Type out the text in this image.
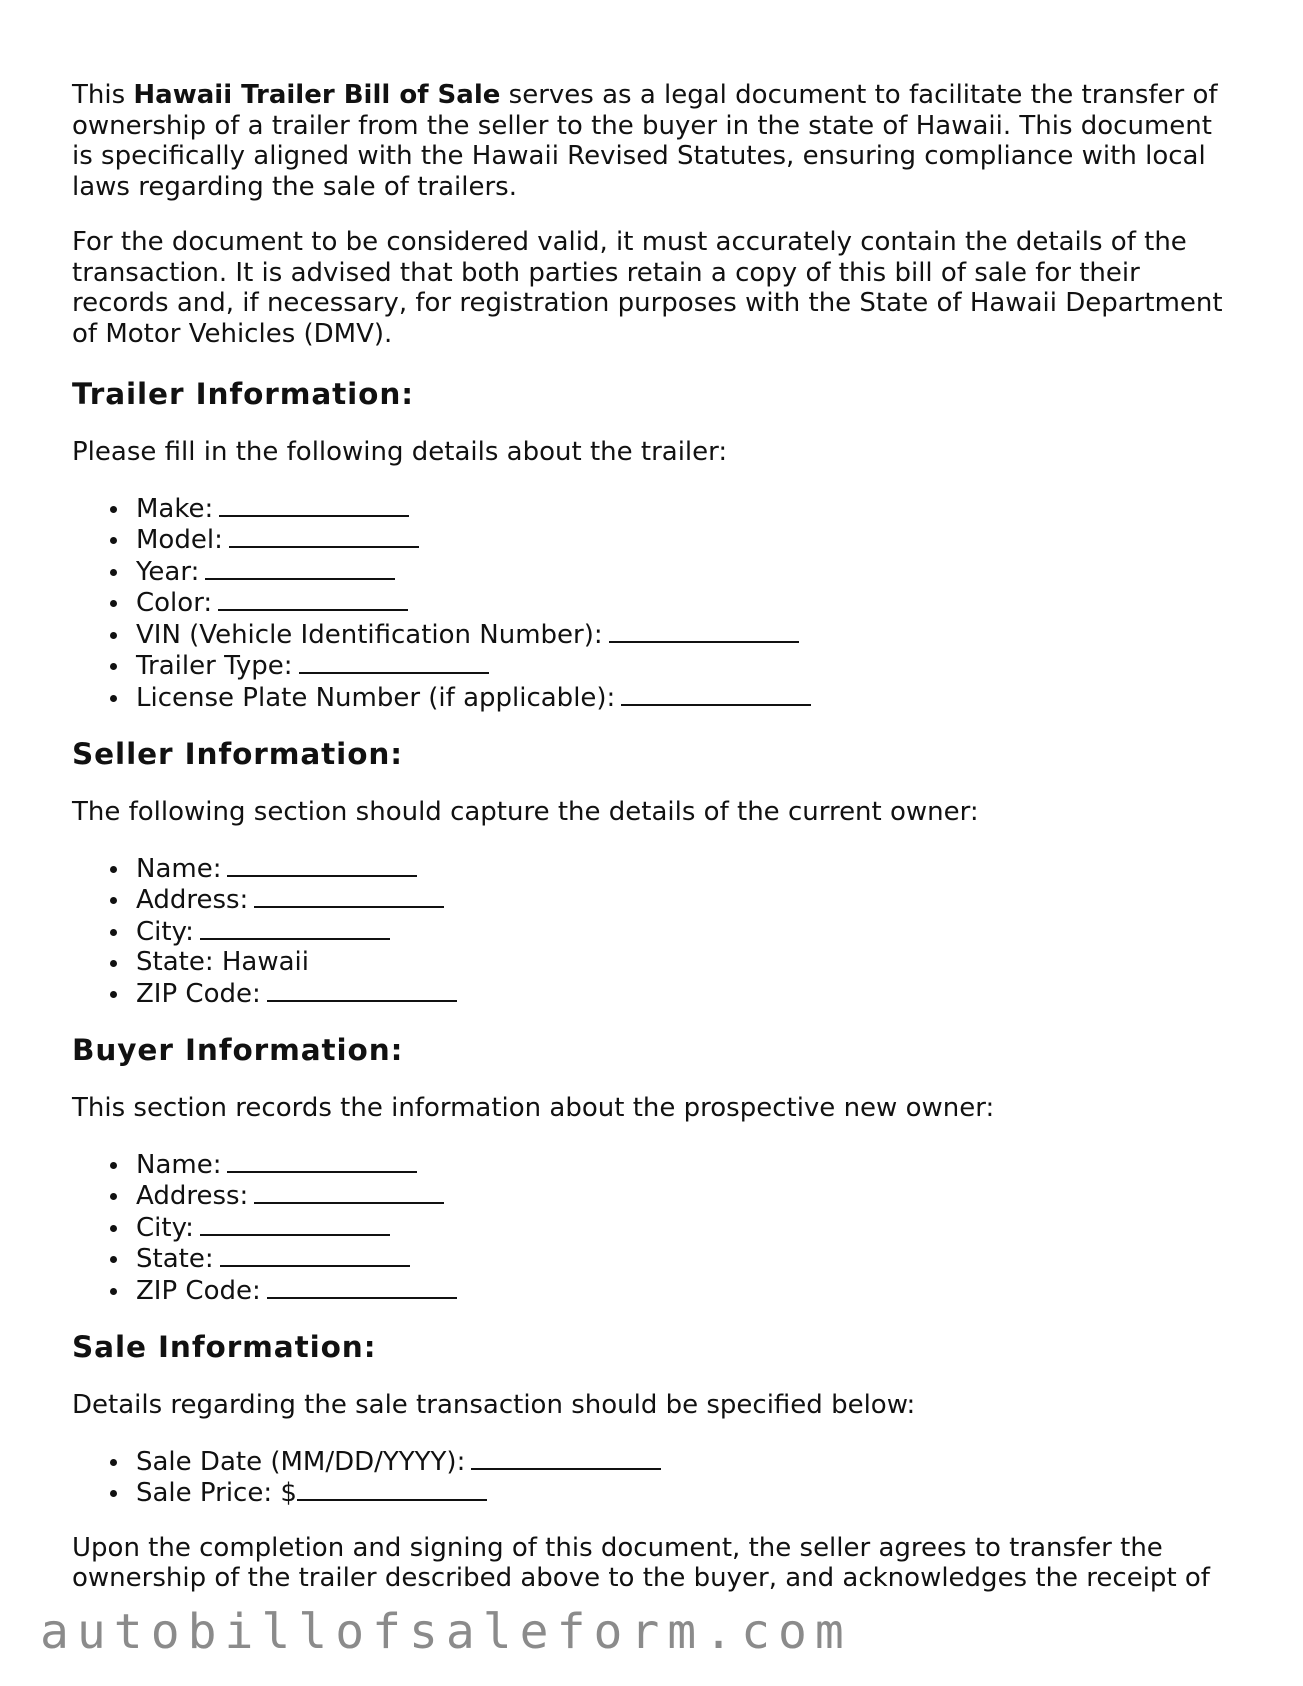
This Hawaii Trailer Bill of Sale serves as a legal document to facilitate the transfer of ownership of a trailer from the seller to the buyer in the state of Hawaii. This document is specifically aligned with the Hawaii Revised Statutes, ensuring compliance with local laws regarding the sale of trailers.

For the document to be considered valid, it must accurately contain the details of the transaction. It is advised that both parties retain a copy of this bill of sale for their records and, if necessary, for registration purposes with the State of Hawaii Department of Motor Vehicles (DMV).

Trailer Information:

Please fill in the following details about the trailer:

Make:
Model:
Year:
Color:
VIN (Vehicle Identification Number):
Trailer Type:
License Plate Number (if applicable):
Seller Information:

The following section should capture the details of the current owner:

Name:
Address:
City:
State: Hawaii
ZIP Code:
Buyer Information:

This section records the information about the prospective new owner:

Name:
Address:
City:
State:
ZIP Code:
Sale Information:

Details regarding the sale transaction should be specified below:

Sale Date (MM/DD/YYYY):
Sale Price: $

Upon the completion and signing of this document, the seller agrees to transfer the ownership of the trailer described above to the buyer, and acknowledges the receipt of

autobillofsaleform.com
